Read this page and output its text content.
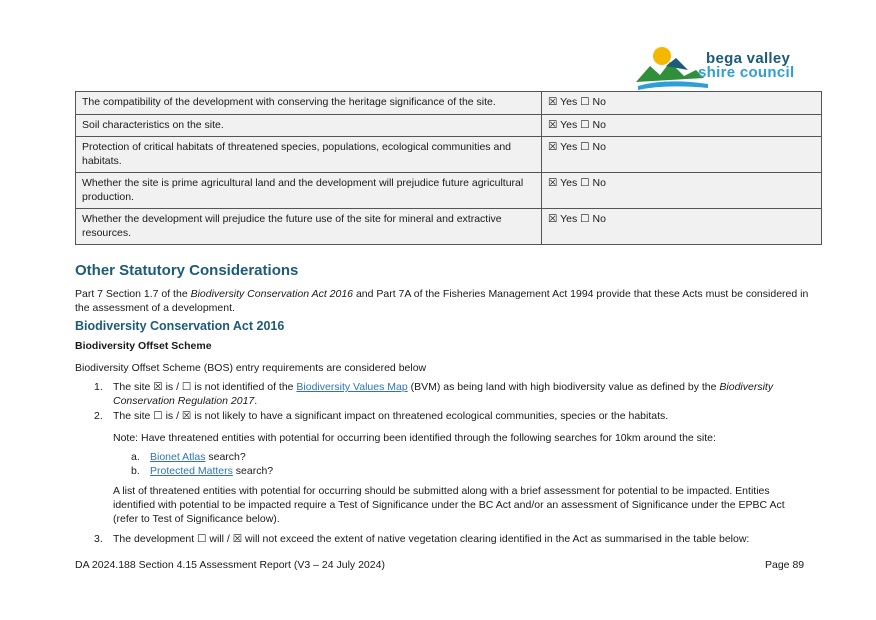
bega valley
shire council
The compatibility of the development with conserving the heritage significance of the site.	☒ Yes ☐ No
Soil characteristics on the site.	☒ Yes ☐ No
Protection of critical habitats of threatened species, populations, ecological communities and habitats.	☒ Yes ☐ No
Whether the site is prime agricultural land and the development will prejudice future agricultural production.	☒ Yes ☐ No
Whether the development will prejudice the future use of the site for mineral and extractive resources.	☒ Yes ☐ No
Other Statutory Considerations
Part 7 Section 1.7 of the Biodiversity Conservation Act 2016 and Part 7A of the Fisheries Management Act 1994 provide that these Acts must be considered in the assessment of a development.
Biodiversity Conservation Act 2016
Biodiversity Offset Scheme
Biodiversity Offset Scheme (BOS) entry requirements are considered below
1. The site ☒ is / ☐ is not identified of the Biodiversity Values Map (BVM) as being land with high biodiversity value as defined by the Biodiversity Conservation Regulation 2017.
2. The site ☐ is / ☒ is not likely to have a significant impact on threatened ecological communities, species or the habitats.
Note: Have threatened entities with potential for occurring been identified through the following searches for 10km around the site:
a. Bionet Atlas search?
b. Protected Matters search?
A list of threatened entities with potential for occurring should be submitted along with a brief assessment for potential to be impacted. Entities identified with potential to be impacted require a Test of Significance under the BC Act and/or an assessment of Significance under the EPBC Act (refer to Test of Significance below).
3. The development ☐ will / ☒ will not exceed the extent of native vegetation clearing identified in the Act as summarised in the table below:
DA 2024.188 Section 4.15 Assessment Report (V3 – 24 July 2024)	Page 89
